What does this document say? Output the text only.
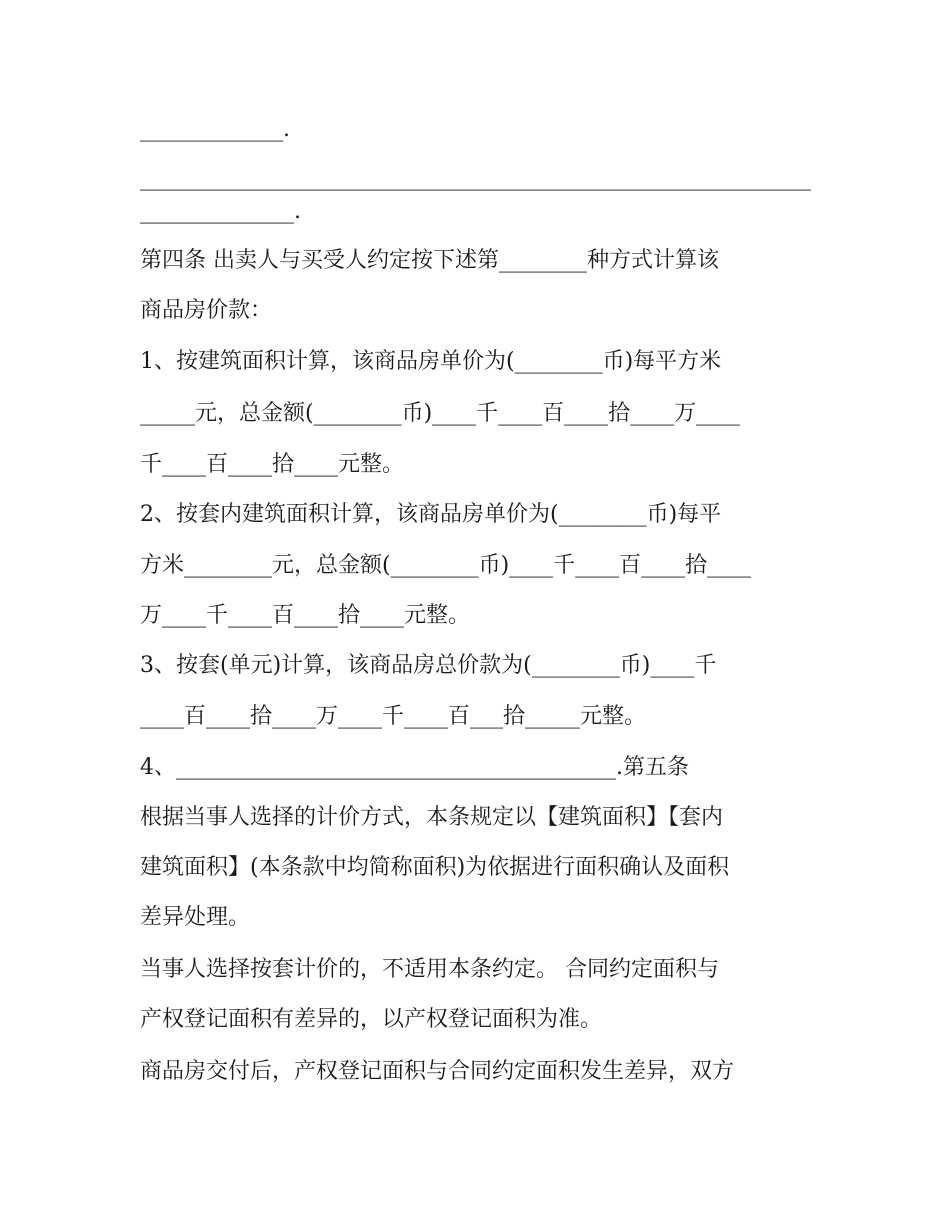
_____________.
_____________________________________________________________
______________.
第四条 出卖人与买受人约定按下述第________种方式计算该
商品房价款：
1、按建筑面积计算，该商品房单价为(________币)每平方米
_____元，总金额(________币)____千____百____拾____万____
千____百____拾____元整。
2、按套内建筑面积计算，该商品房单价为(________币)每平
方米________元，总金额(________币)____千____百____拾____
万____千____百____拾____元整。
3、按套(单元)计算，该商品房总价款为(________币)____千
____百____拾____万____千____百___拾_____元整。
4、________________________________________.第五条
根据当事人选择的计价方式，本条规定以【建筑面积】【套内
建筑面积】(本条款中均简称面积)为依据进行面积确认及面积
差异处理。
当事人选择按套计价的，不适用本条约定。 合同约定面积与
产权登记面积有差异的，以产权登记面积为准。
商品房交付后，产权登记面积与合同约定面积发生差异，双方
